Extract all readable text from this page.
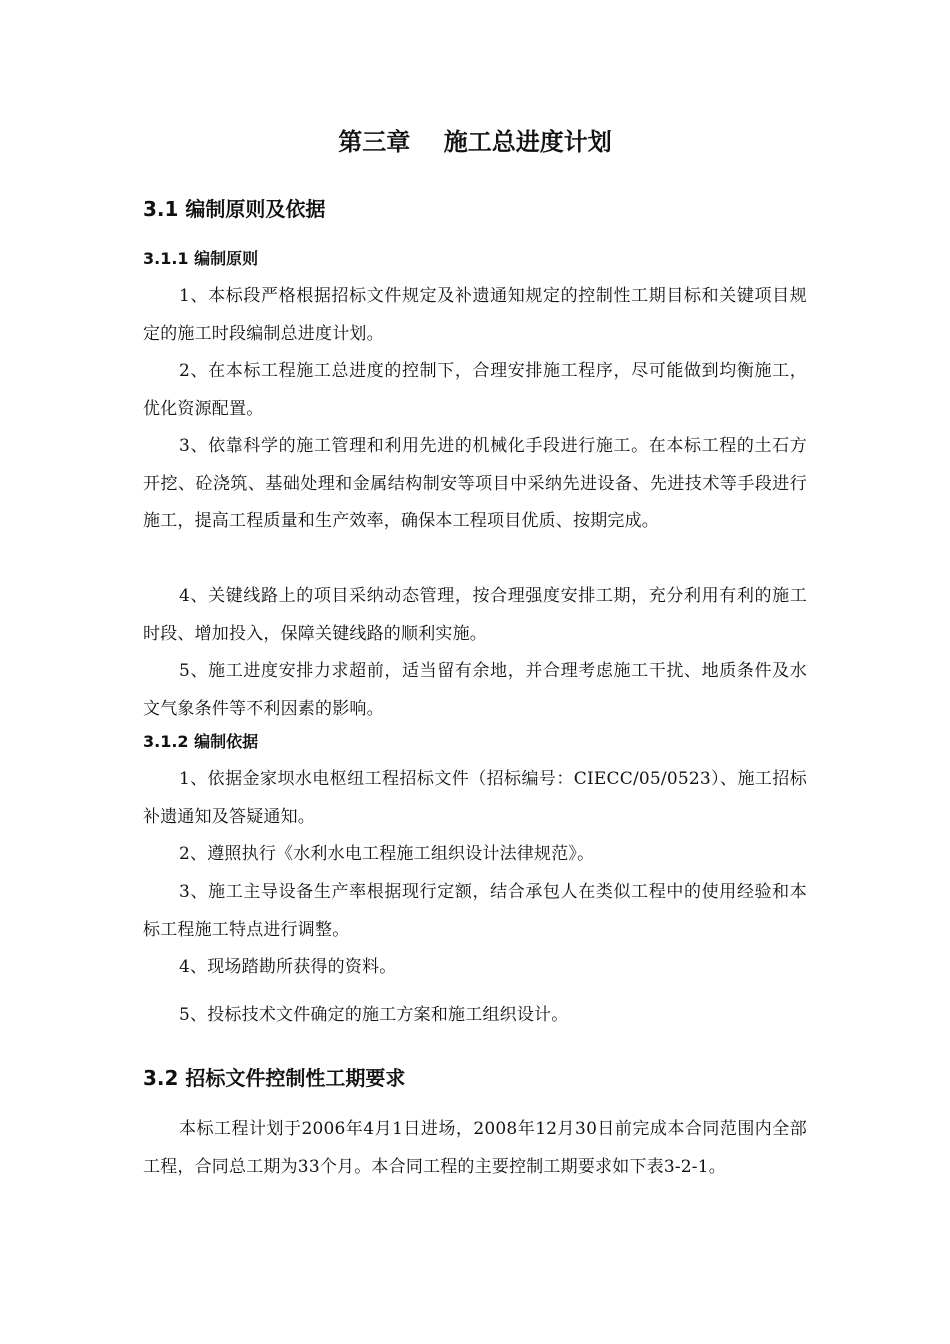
第三章    施工总进度计划
3.1 编制原则及依据
3.1.1 编制原则

1、本标段严格根据招标文件规定及补遗通知规定的控制性工期目标和关键项目规定的施工时段编制总进度计划。

2、在本标工程施工总进度的控制下，合理安排施工程序，尽可能做到均衡施工，优化资源配置。

3、依靠科学的施工管理和利用先进的机械化手段进行施工。在本标工程的土石方开挖、砼浇筑、基础处理和金属结构制安等项目中采纳先进设备、先进技术等手段进行施工，提高工程质量和生产效率，确保本工程项目优质、按期完成。

4、关键线路上的项目采纳动态管理，按合理强度安排工期，充分利用有利的施工时段、增加投入，保障关键线路的顺利实施。

5、施工进度安排力求超前，适当留有余地，并合理考虑施工干扰、地质条件及水文气象条件等不利因素的影响。

3.1.2 编制依据

1、依据金家坝水电枢纽工程招标文件（招标编号：CIECC/05/0523）、施工招标补遗通知及答疑通知。

2、遵照执行《水利水电工程施工组织设计法律规范》。

3、施工主导设备生产率根据现行定额，结合承包人在类似工程中的使用经验和本标工程施工特点进行调整。

4、现场踏勘所获得的资料。

5、投标技术文件确定的施工方案和施工组织设计。

3.2 招标文件控制性工期要求

本标工程计划于2006年4月1日进场，2008年12月30日前完成本合同范围内全部工程，合同总工期为33个月。本合同工程的主要控制工期要求如下表3-2-1。
